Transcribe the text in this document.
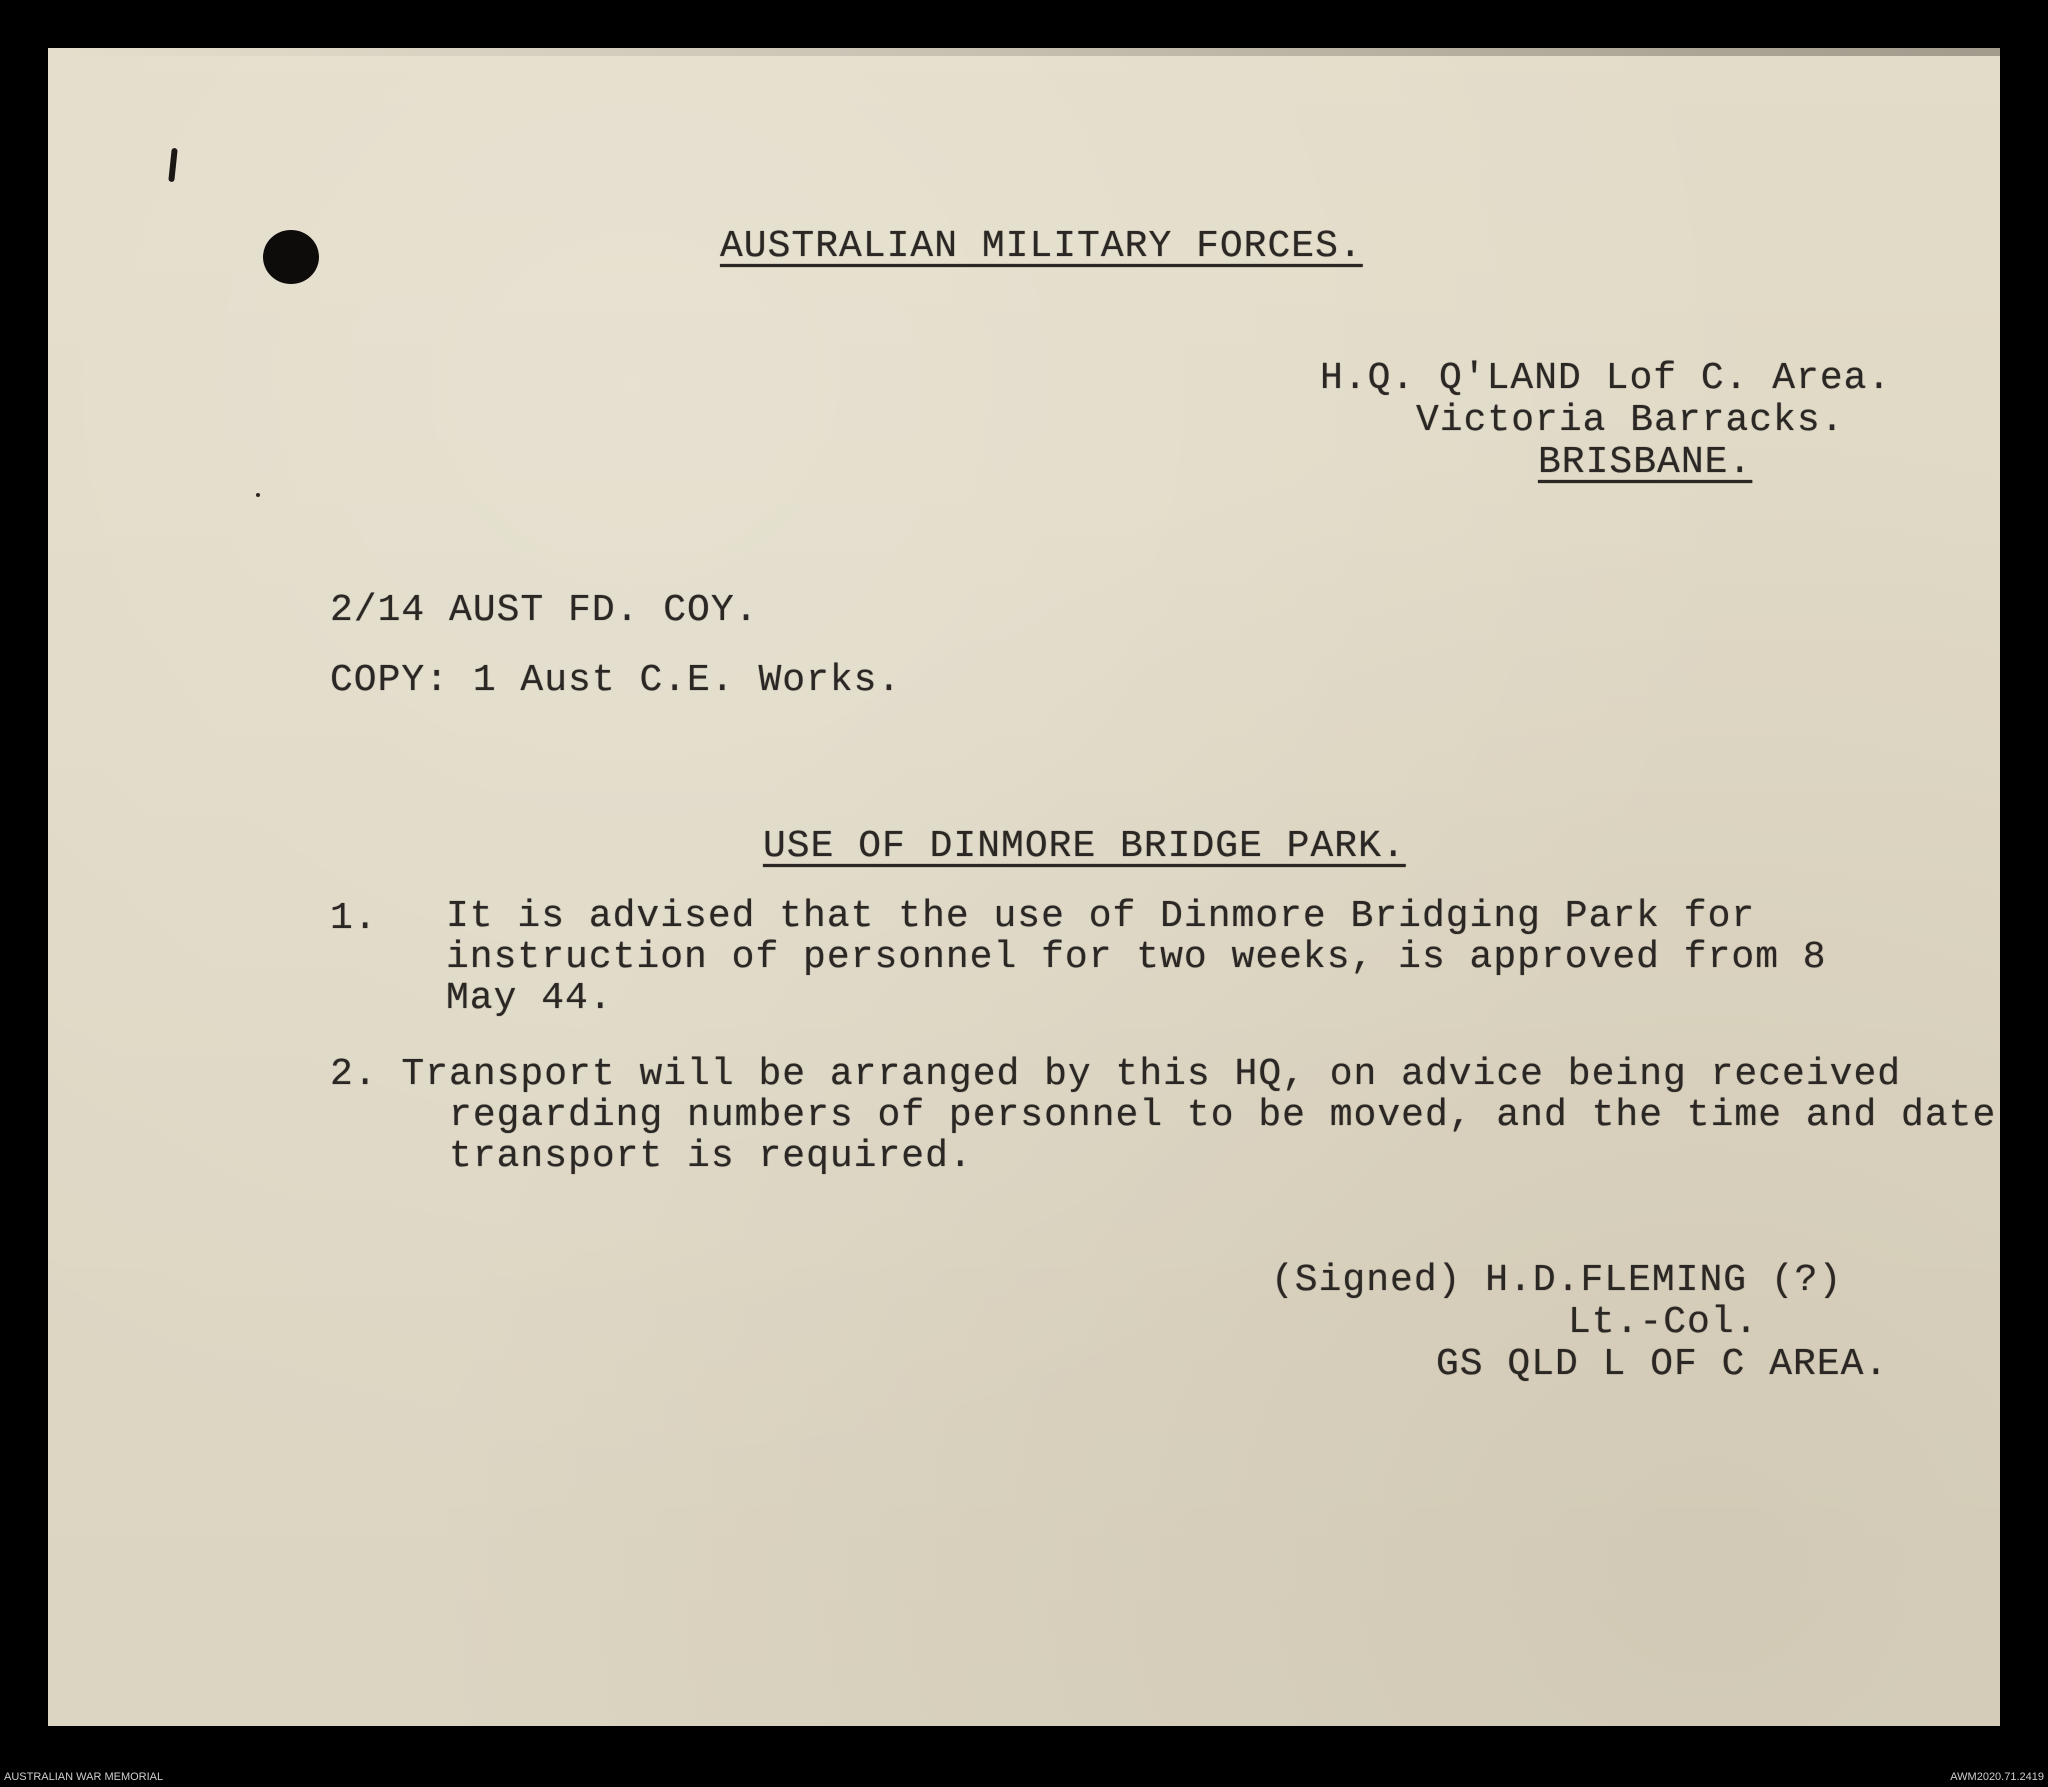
AUSTRALIAN MILITARY FORCES.
H.Q. Q'LAND Lof C. Area.
Victoria Barracks.
BRISBANE.
2/14 AUST FD. COY.
COPY: 1 Aust C.E. Works.
USE OF DINMORE BRIDGE PARK.
1. It is advised that the use of Dinmore Bridging Park for
instruction of personnel for two weeks, is approved from 8
May 44.
2. Transport will be arranged by this HQ, on advice being received
regarding numbers of personnel to be moved, and the time and date
transport is required.
(Signed) H.D.FLEMING (?)
Lt.-Col.
GS QLD L OF C AREA.
AUSTRALIAN WAR MEMORIAL	AWM2020.71.2419
